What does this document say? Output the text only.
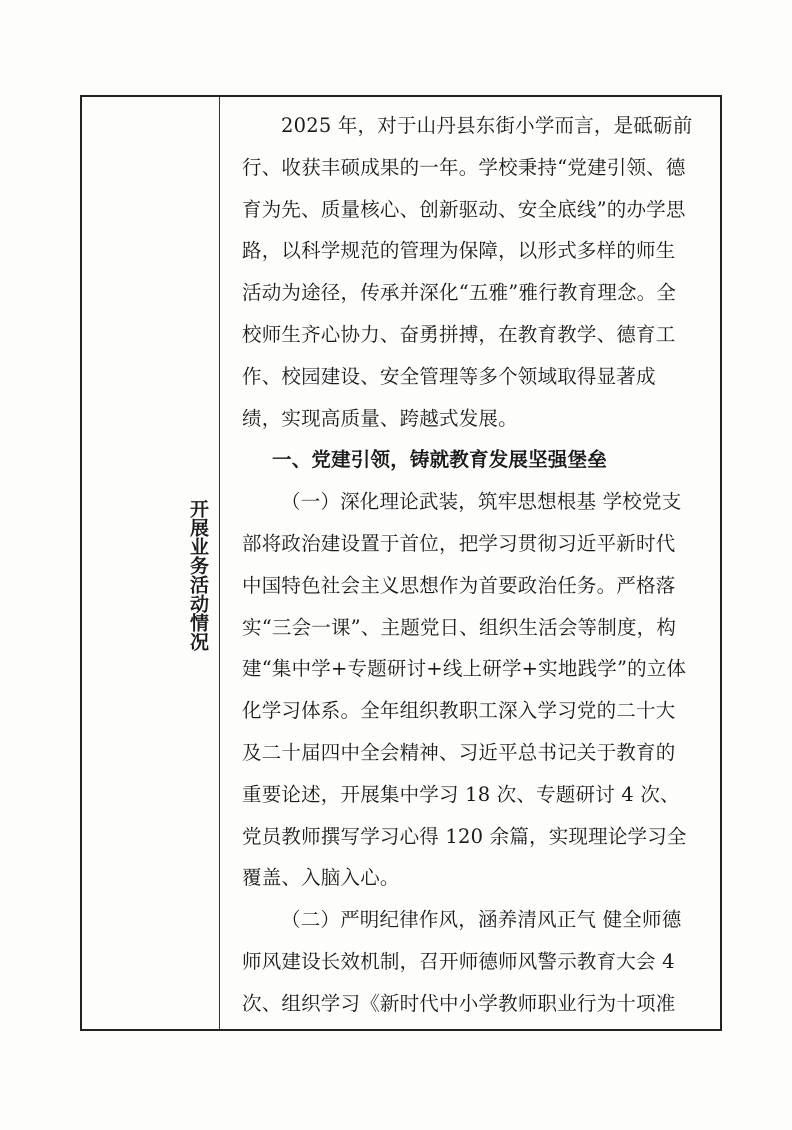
开展业务活动情况
2025 年，对于山丹县东街小学而言，是砥砺前
行、收获丰硕成果的一年。学校秉持“党建引领、德
育为先、质量核心、创新驱动、安全底线”的办学思
路，以科学规范的管理为保障，以形式多样的师生
活动为途径，传承并深化“五雅”雅行教育理念。全
校师生齐心协力、奋勇拼搏，在教育教学、德育工
作、校园建设、安全管理等多个领域取得显著成
绩，实现高质量、跨越式发展。
一、党建引领，铸就教育发展坚强堡垒
（一）深化理论武装，筑牢思想根基 学校党支
部将政治建设置于首位，把学习贯彻习近平新时代
中国特色社会主义思想作为首要政治任务。严格落
实“三会一课”、主题党日、组织生活会等制度，构
建“集中学+专题研讨+线上研学+实地践学”的立体
化学习体系。全年组织教职工深入学习党的二十大
及二十届四中全会精神、习近平总书记关于教育的
重要论述，开展集中学习 18 次、专题研讨 4 次、
党员教师撰写学习心得 120 余篇，实现理论学习全
覆盖、入脑入心。
（二）严明纪律作风，涵养清风正气 健全师德
师风建设长效机制，召开师德师风警示教育大会 4
次、组织学习《新时代中小学教师职业行为十项准
